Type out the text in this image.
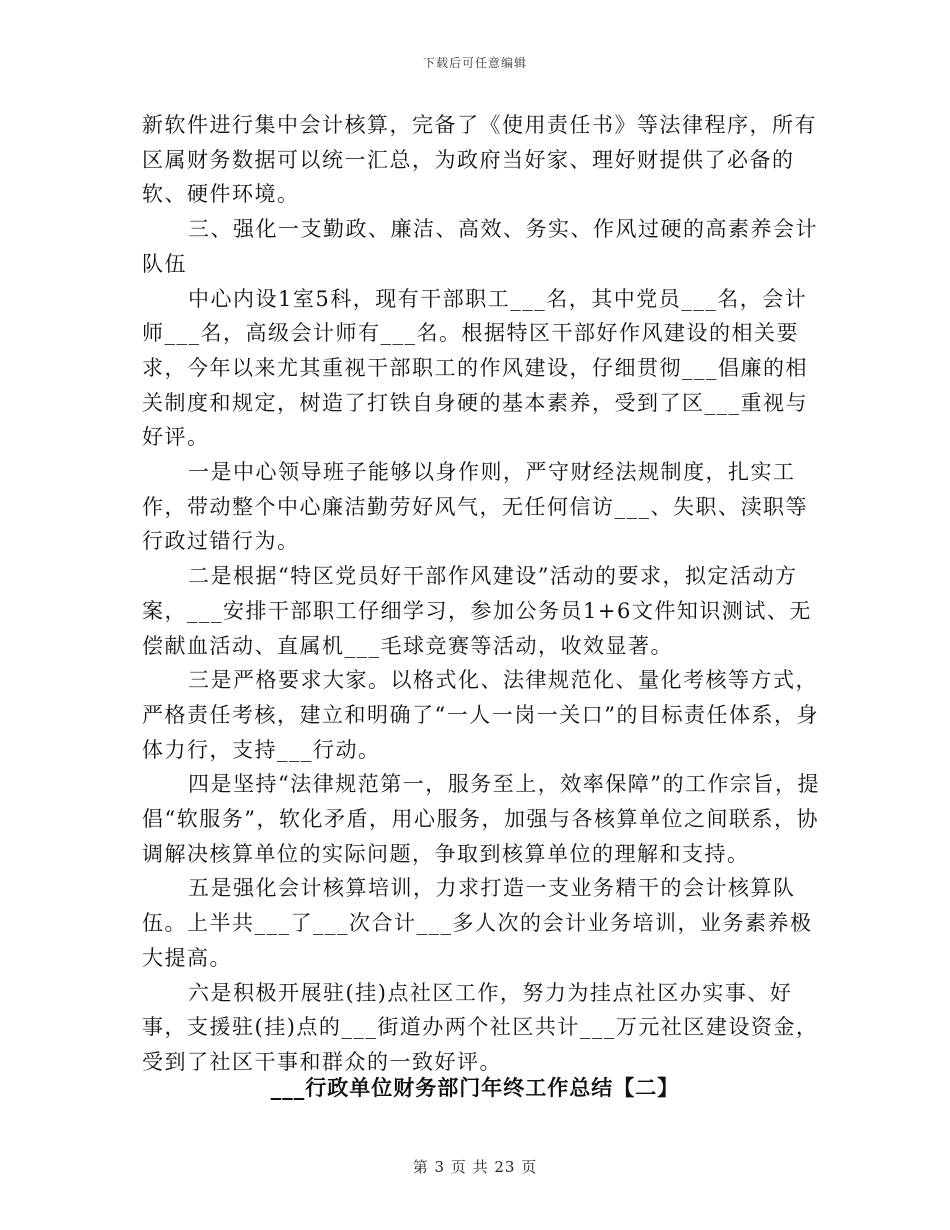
下载后可任意编辑

新软件进行集中会计核算，完备了《使用责任书》等法律程序，所有区属财务数据可以统一汇总，为政府当好家、理好财提供了必备的软、硬件环境。

三、强化一支勤政、廉洁、高效、务实、作风过硬的高素养会计队伍

中心内设1室5科，现有干部职工___名，其中党员___名，会计师___名，高级会计师有___名。根据特区干部好作风建设的相关要求，今年以来尤其重视干部职工的作风建设，仔细贯彻___倡廉的相关制度和规定，树造了打铁自身硬的基本素养，受到了区___重视与好评。

一是中心领导班子能够以身作则，严守财经法规制度，扎实工作，带动整个中心廉洁勤劳好风气，无任何信访___、失职、渎职等行政过错行为。

二是根据“特区党员好干部作风建设”活动的要求，拟定活动方案，___安排干部职工仔细学习，参加公务员1+6文件知识测试、无偿献血活动、直属机___毛球竞赛等活动，收效显著。

三是严格要求大家。以格式化、法律规范化、量化考核等方式，严格责任考核，建立和明确了“一人一岗一关口”的目标责任体系，身体力行，支持___行动。

四是坚持“法律规范第一，服务至上，效率保障”的工作宗旨，提倡“软服务”，软化矛盾，用心服务，加强与各核算单位之间联系，协调解决核算单位的实际问题，争取到核算单位的理解和支持。

五是强化会计核算培训，力求打造一支业务精干的会计核算队伍。上半共___了___次合计___多人次的会计业务培训，业务素养极大提高。

六是积极开展驻(挂)点社区工作，努力为挂点社区办实事、好事，支援驻(挂)点的___街道办两个社区共计___万元社区建设资金，受到了社区干事和群众的一致好评。

___行政单位财务部门年终工作总结【二】
第 3 页 共 23 页
